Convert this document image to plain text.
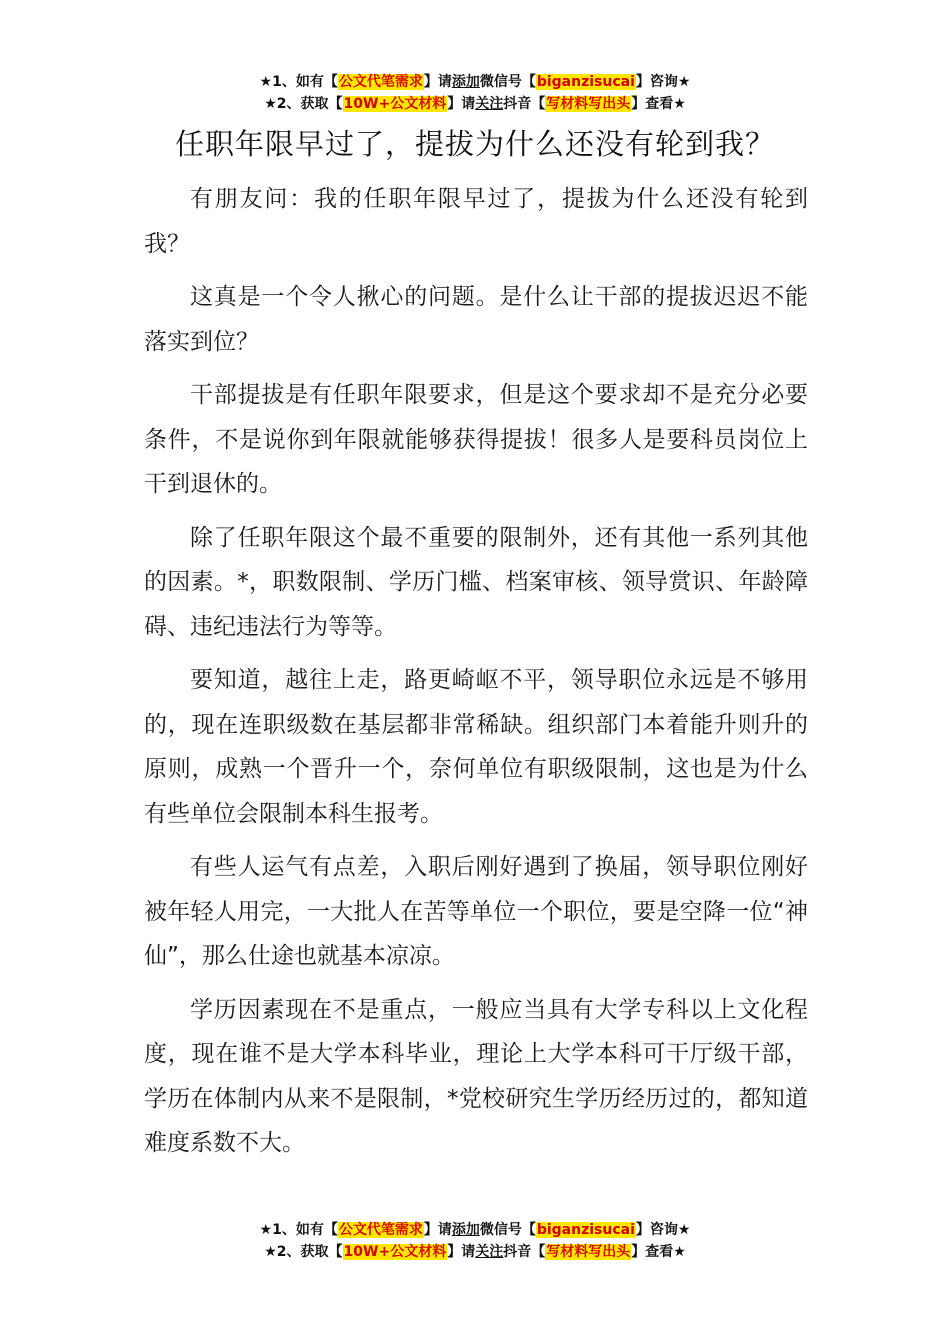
★1、如有【公文代笔需求】请添加微信号【biganzisucai】咨询★
★2、获取【10W+公文材料】请关注抖音【写材料写出头】查看★
任职年限早过了，提拔为什么还没有轮到我？

有朋友问：我的任职年限早过了，提拔为什么还没有轮到我？

这真是一个令人揪心的问题。是什么让干部的提拔迟迟不能落实到位？

干部提拔是有任职年限要求，但是这个要求却不是充分必要条件，不是说你到年限就能够获得提拔！很多人是要科员岗位上干到退休的。

除了任职年限这个最不重要的限制外，还有其他一系列其他的因素。*，职数限制、学历门槛、档案审核、领导赏识、年龄障碍、违纪违法行为等等。

要知道，越往上走，路更崎岖不平，领导职位永远是不够用的，现在连职级数在基层都非常稀缺。组织部门本着能升则升的原则，成熟一个晋升一个，奈何单位有职级限制，这也是为什么有些单位会限制本科生报考。

有些人运气有点差，入职后刚好遇到了换届，领导职位刚好被年轻人用完，一大批人在苦等单位一个职位，要是空降一位“神仙”，那么仕途也就基本凉凉。

学历因素现在不是重点，一般应当具有大学专科以上文化程度，现在谁不是大学本科毕业，理论上大学本科可干厅级干部，学历在体制内从来不是限制，*党校研究生学历经历过的，都知道难度系数不大。

★1、如有【公文代笔需求】请添加微信号【biganzisucai】咨询★
★2、获取【10W+公文材料】请关注抖音【写材料写出头】查看★
